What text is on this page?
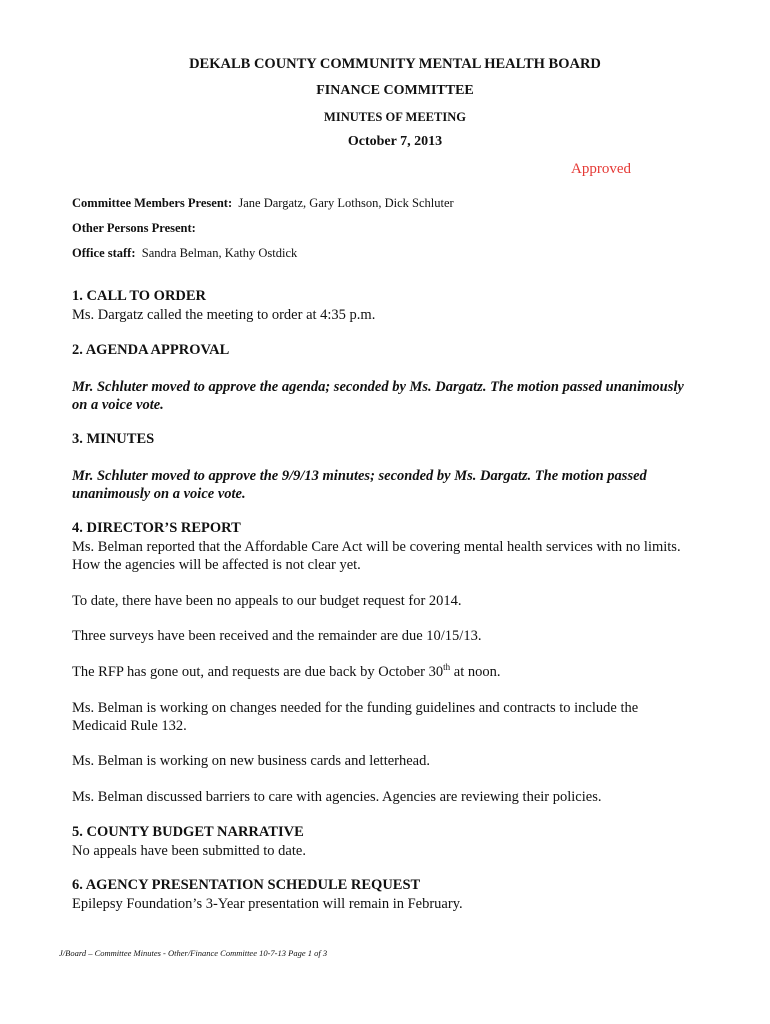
DEKALB COUNTY COMMUNITY MENTAL HEALTH BOARD
FINANCE COMMITTEE
MINUTES OF MEETING
October 7, 2013
Approved
Committee Members Present: Jane Dargatz, Gary Lothson, Dick Schluter
Other Persons Present:
Office staff: Sandra Belman, Kathy Ostdick
1. CALL TO ORDER
Ms. Dargatz called the meeting to order at 4:35 p.m.
2. AGENDA APPROVAL
Mr. Schluter moved to approve the agenda; seconded by Ms. Dargatz. The motion passed unanimously
on a voice vote.
3. MINUTES
Mr. Schluter moved to approve the 9/9/13 minutes; seconded by Ms. Dargatz. The motion passed
unanimously on a voice vote.
4. DIRECTOR’S REPORT
Ms. Belman reported that the Affordable Care Act will be covering mental health services with no limits.
How the agencies will be affected is not clear yet.
To date, there have been no appeals to our budget request for 2014.
Three surveys have been received and the remainder are due 10/15/13.
The RFP has gone out, and requests are due back by October 30th at noon.
Ms. Belman is working on changes needed for the funding guidelines and contracts to include the
Medicaid Rule 132.
Ms. Belman is working on new business cards and letterhead.
Ms. Belman discussed barriers to care with agencies. Agencies are reviewing their policies.
5. COUNTY BUDGET NARRATIVE
No appeals have been submitted to date.
6. AGENCY PRESENTATION SCHEDULE REQUEST
Epilepsy Foundation’s 3-Year presentation will remain in February.
J/Board – Committee Minutes - Other/Finance Committee 10-7-13 Page 1 of 3
